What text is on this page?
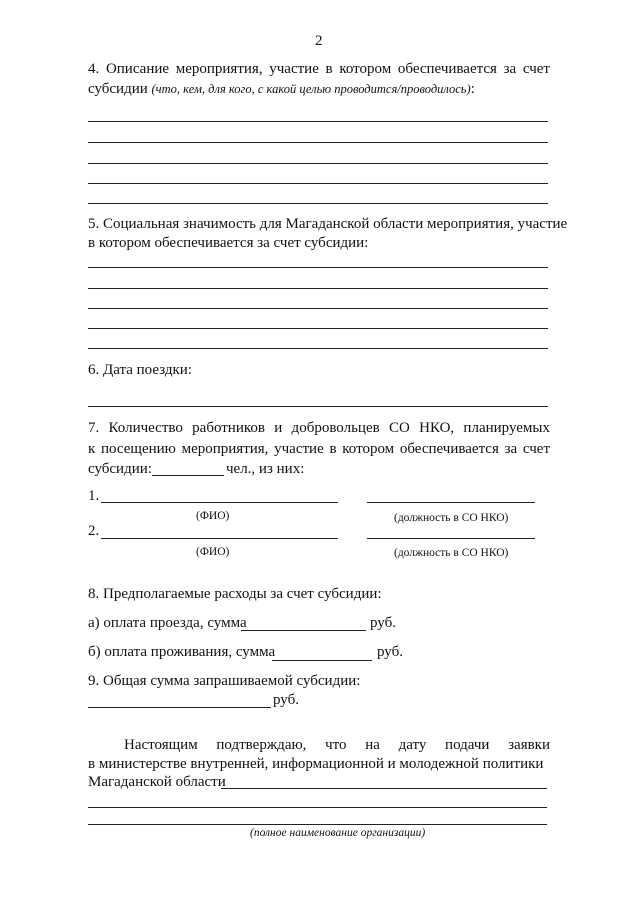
2
4. Описание мероприятия, участие в котором обеспечивается за счет
субсидии (что, кем, для кого, с какой целью проводится/проводилось):
5. Социальная значимость для Магаданской области мероприятия, участие
в котором обеспечивается за счет субсидии:
6. Дата поездки:
7. Количество работников и добровольцев СО НКО, планируемых
к посещению мероприятия, участие в котором обеспечивается за счет
субсидии:	чел., из них:
1.
(ФИО)	(должность в СО НКО)
2.
(ФИО)	(должность в СО НКО)
8. Предполагаемые расходы за счет субсидии:
а) оплата проезда, сумма	руб.
б) оплата проживания, сумма	руб.
9. Общая сумма запрашиваемой субсидии:
руб.
Настоящим подтверждаю, что на дату подачи заявки
в министерстве внутренней, информационной и молодежной политики
Магаданской области
(полное наименование организации)
